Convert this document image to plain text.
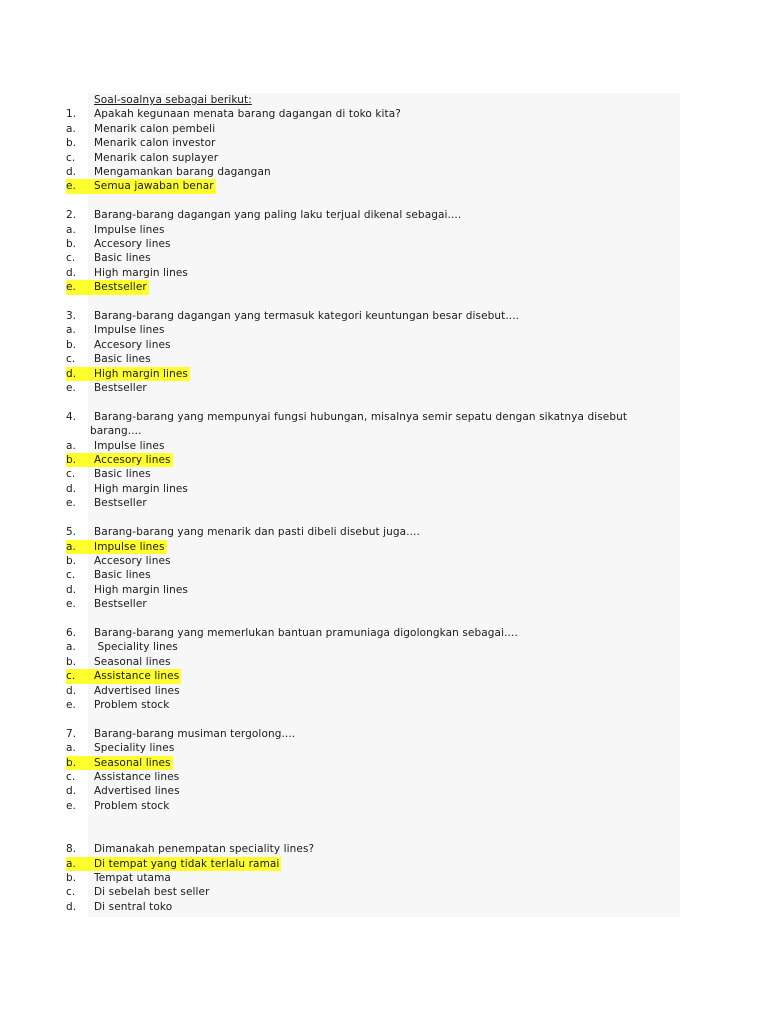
Soal-soalnya sebagai berikut:
1.	Apakah kegunaan menata barang dagangan di toko kita?
a. Menarik calon pembeli
b. Menarik calon investor
c. Menarik calon suplayer
d. Mengamankan barang dagangan
e. Semua jawaban benar
2.	Barang-barang dagangan yang paling laku terjual dikenal sebagai....
a. Impulse lines
b. Accesory lines
c. Basic lines
d. High margin lines
e. Bestseller
3.	Barang-barang dagangan yang termasuk kategori keuntungan besar disebut....
a. Impulse lines
b. Accesory lines
c. Basic lines
d. High margin lines
e. Bestseller
4.	Barang-barang yang mempunyai fungsi hubungan, misalnya semir sepatu dengan sikatnya disebut
barang....
a. Impulse lines
b. Accesory lines
c. Basic lines
d. High margin lines
e. Bestseller
5.	Barang-barang yang menarik dan pasti dibeli disebut juga....
a. Impulse lines
b. Accesory lines
c. Basic lines
d. High margin lines
e. Bestseller
6.	Barang-barang yang memerlukan bantuan pramuniaga digolongkan sebagai....
a. Speciality lines
b. Seasonal lines
c. Assistance lines
d. Advertised lines
e. Problem stock
7.	Barang-barang musiman tergolong....
a. Speciality lines
b. Seasonal lines
c. Assistance lines
d. Advertised lines
e. Problem stock
8.	Dimanakah penempatan speciality lines?
a. Di tempat yang tidak terlalu ramai
b. Tempat utama
c. Di sebelah best seller
d. Di sentral toko
